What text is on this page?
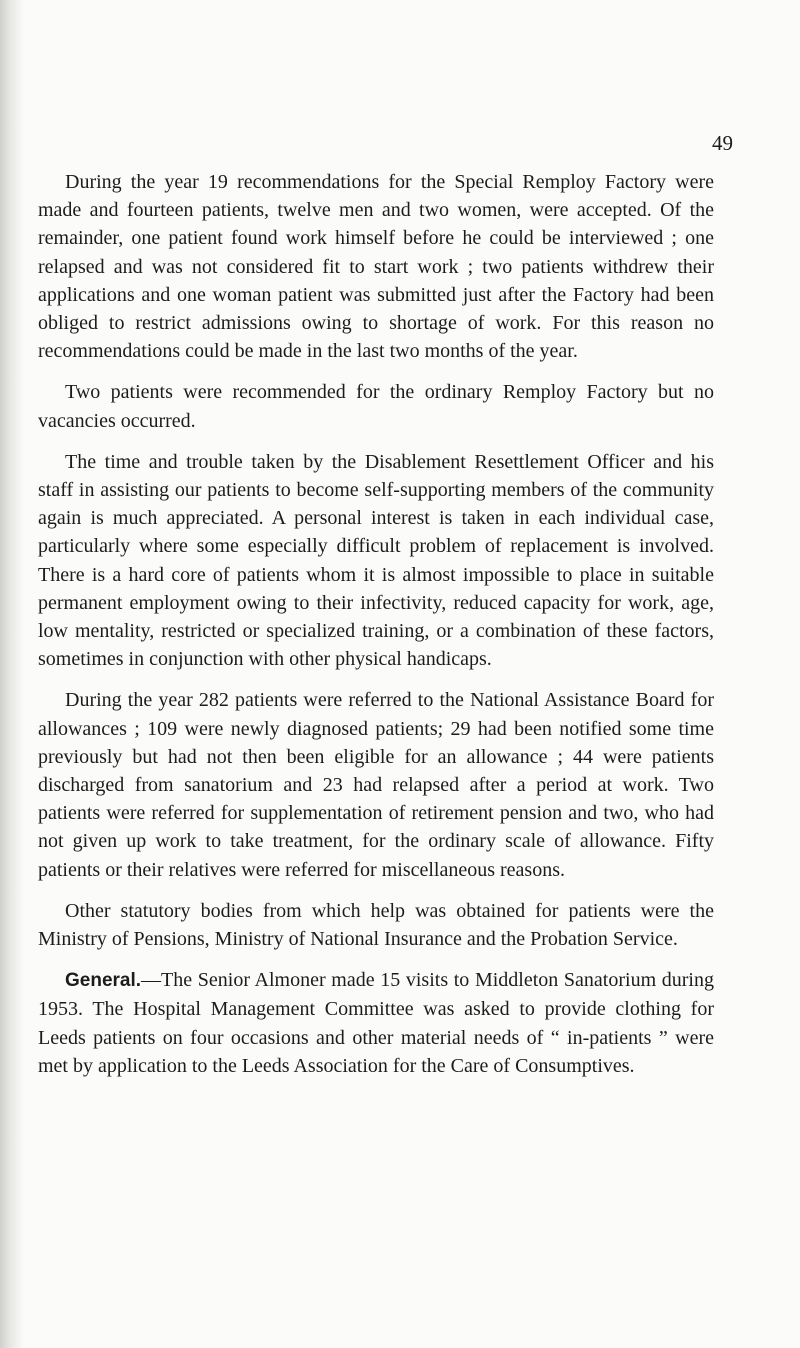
49

During the year 19 recommendations for the Special Remploy Factory were made and fourteen patients, twelve men and two women, were accepted. Of the remainder, one patient found work himself before he could be interviewed ; one relapsed and was not considered fit to start work ; two patients withdrew their applications and one woman patient was submitted just after the Factory had been obliged to restrict admissions owing to shortage of work. For this reason no recommendations could be made in the last two months of the year.

Two patients were recommended for the ordinary Remploy Factory but no vacancies occurred.

The time and trouble taken by the Disablement Resettlement Officer and his staff in assisting our patients to become self-supporting members of the community again is much appreciated. A personal interest is taken in each individual case, particularly where some especially difficult problem of replacement is involved. There is a hard core of patients whom it is almost impossible to place in suitable permanent employment owing to their infectivity, reduced capacity for work, age, low mentality, restricted or specialized training, or a combination of these factors, sometimes in conjunction with other physical handicaps.

During the year 282 patients were referred to the National Assistance Board for allowances ; 109 were newly diagnosed patients; 29 had been notified some time previously but had not then been eligible for an allowance ; 44 were patients discharged from sanatorium and 23 had relapsed after a period at work. Two patients were referred for supplementation of retirement pension and two, who had not given up work to take treatment, for the ordinary scale of allowance. Fifty patients or their relatives were referred for miscellaneous reasons.

Other statutory bodies from which help was obtained for patients were the Ministry of Pensions, Ministry of National Insurance and the Probation Service.

General.—The Senior Almoner made 15 visits to Middleton Sanatorium during 1953. The Hospital Management Committee was asked to provide clothing for Leeds patients on four occasions and other material needs of “ in-patients ” were met by application to the Leeds Association for the Care of Consumptives.
